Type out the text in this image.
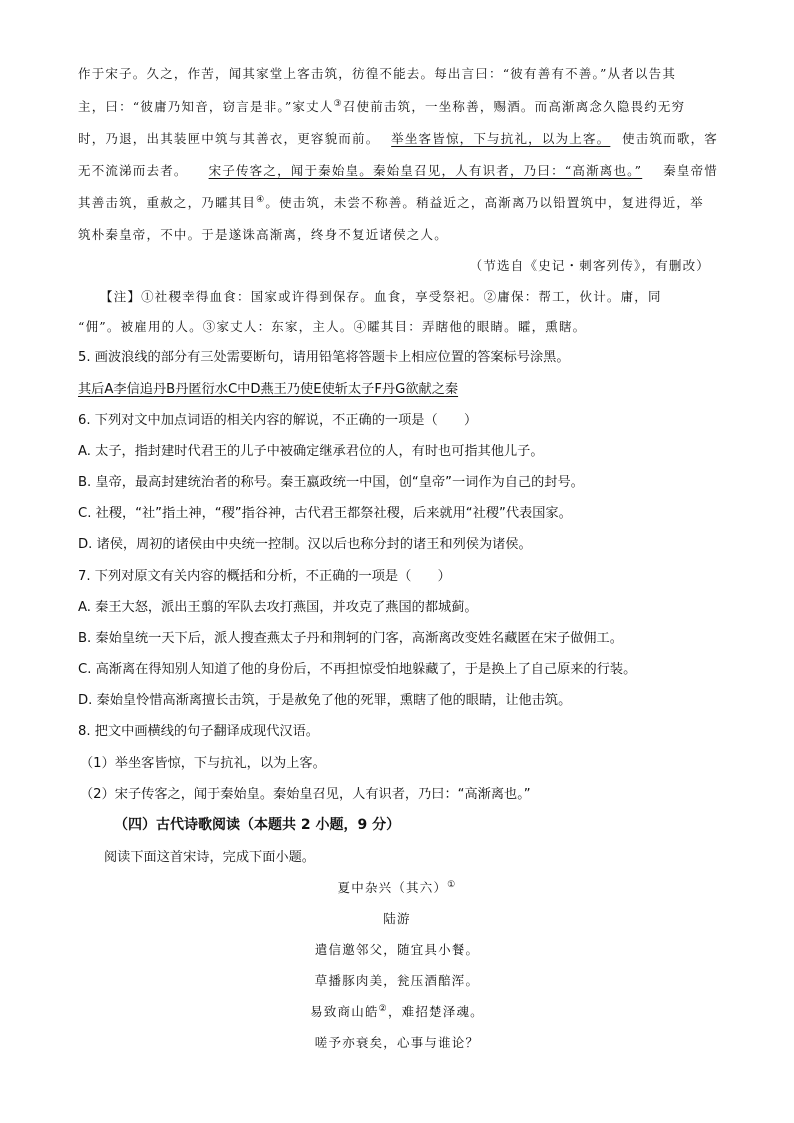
作于宋子。久之，作苦，闻其家堂上客击筑，彷徨不能去。每出言曰：“彼有善有不善。”从者以告其
主，曰：“彼庸乃知音，窃言是非。”家丈人③召使前击筑，一坐称善，赐酒。而高渐离念久隐畏约无穷
时，乃退，出其装匣中筑与其善衣，更容貌而前。 举坐客皆惊，下与抗礼，以为上客。 使击筑而歌，客
无不流涕而去者。 宋子传客之，闻于秦始皇。秦始皇召见，人有识者，乃曰：“高渐离也。” 秦皇帝惜
其善击筑，重赦之，乃矐其目④。使击筑，未尝不称善。稍益近之，高渐离乃以铅置筑中，复进得近，举
筑朴秦皇帝，不中。于是遂诛高渐离，终身不复近诸侯之人。
（节选自《史记・刺客列传》，有删改）
【注】①社稷幸得血食：国家或许得到保存。血食，享受祭祀。②庸保：帮工，伙计。庸，同
“佣”。被雇用的人。③家丈人：东家，主人。④矐其目：弄瞎他的眼睛。矐，熏瞎。
5. 画波浪线的部分有三处需要断句，请用铅笔将答题卡上相应位置的答案标号涂黑。
其后A李信追丹B丹匿衍水C中D燕王乃使E使斩太子F丹G欲献之秦
6. 下列对文中加点词语的相关内容的解说，不正确的一项是（　　）
A. 太子，指封建时代君王的儿子中被确定继承君位的人，有时也可指其他儿子。
B. 皇帝，最高封建统治者的称号。秦王嬴政统一中国，创“皇帝”一词作为自己的封号。
C. 社稷，“社”指土神，“稷”指谷神，古代君王都祭社稷，后来就用“社稷”代表国家。
D. 诸侯，周初的诸侯由中央统一控制。汉以后也称分封的诸王和列侯为诸侯。
7. 下列对原文有关内容的概括和分析，不正确的一项是（　　）
A. 秦王大怒，派出王翦的军队去攻打燕国，并攻克了燕国的都城蓟。
B. 秦始皇统一天下后，派人搜查燕太子丹和荆轲的门客，高渐离改变姓名藏匿在宋子做佣工。
C. 高渐离在得知别人知道了他的身份后，不再担惊受怕地躲藏了，于是换上了自己原来的行装。
D. 秦始皇怜惜高渐离擅长击筑，于是赦免了他的死罪，熏瞎了他的眼睛，让他击筑。
8. 把文中画横线的句子翻译成现代汉语。
（1）举坐客皆惊，下与抗礼，以为上客。
（2）宋子传客之，闻于秦始皇。秦始皇召见，人有识者，乃曰：“高渐离也。”
（四）古代诗歌阅读（本题共 2 小题，9 分）
阅读下面这首宋诗，完成下面小题。
夏中杂兴（其六）①
陆游
遣信邀邻父，随宜具小餐。
草播豚肉美，瓮压酒醅浑。
易致商山皓②，难招楚泽魂。
嗟予亦衰矣，心事与谁论？
